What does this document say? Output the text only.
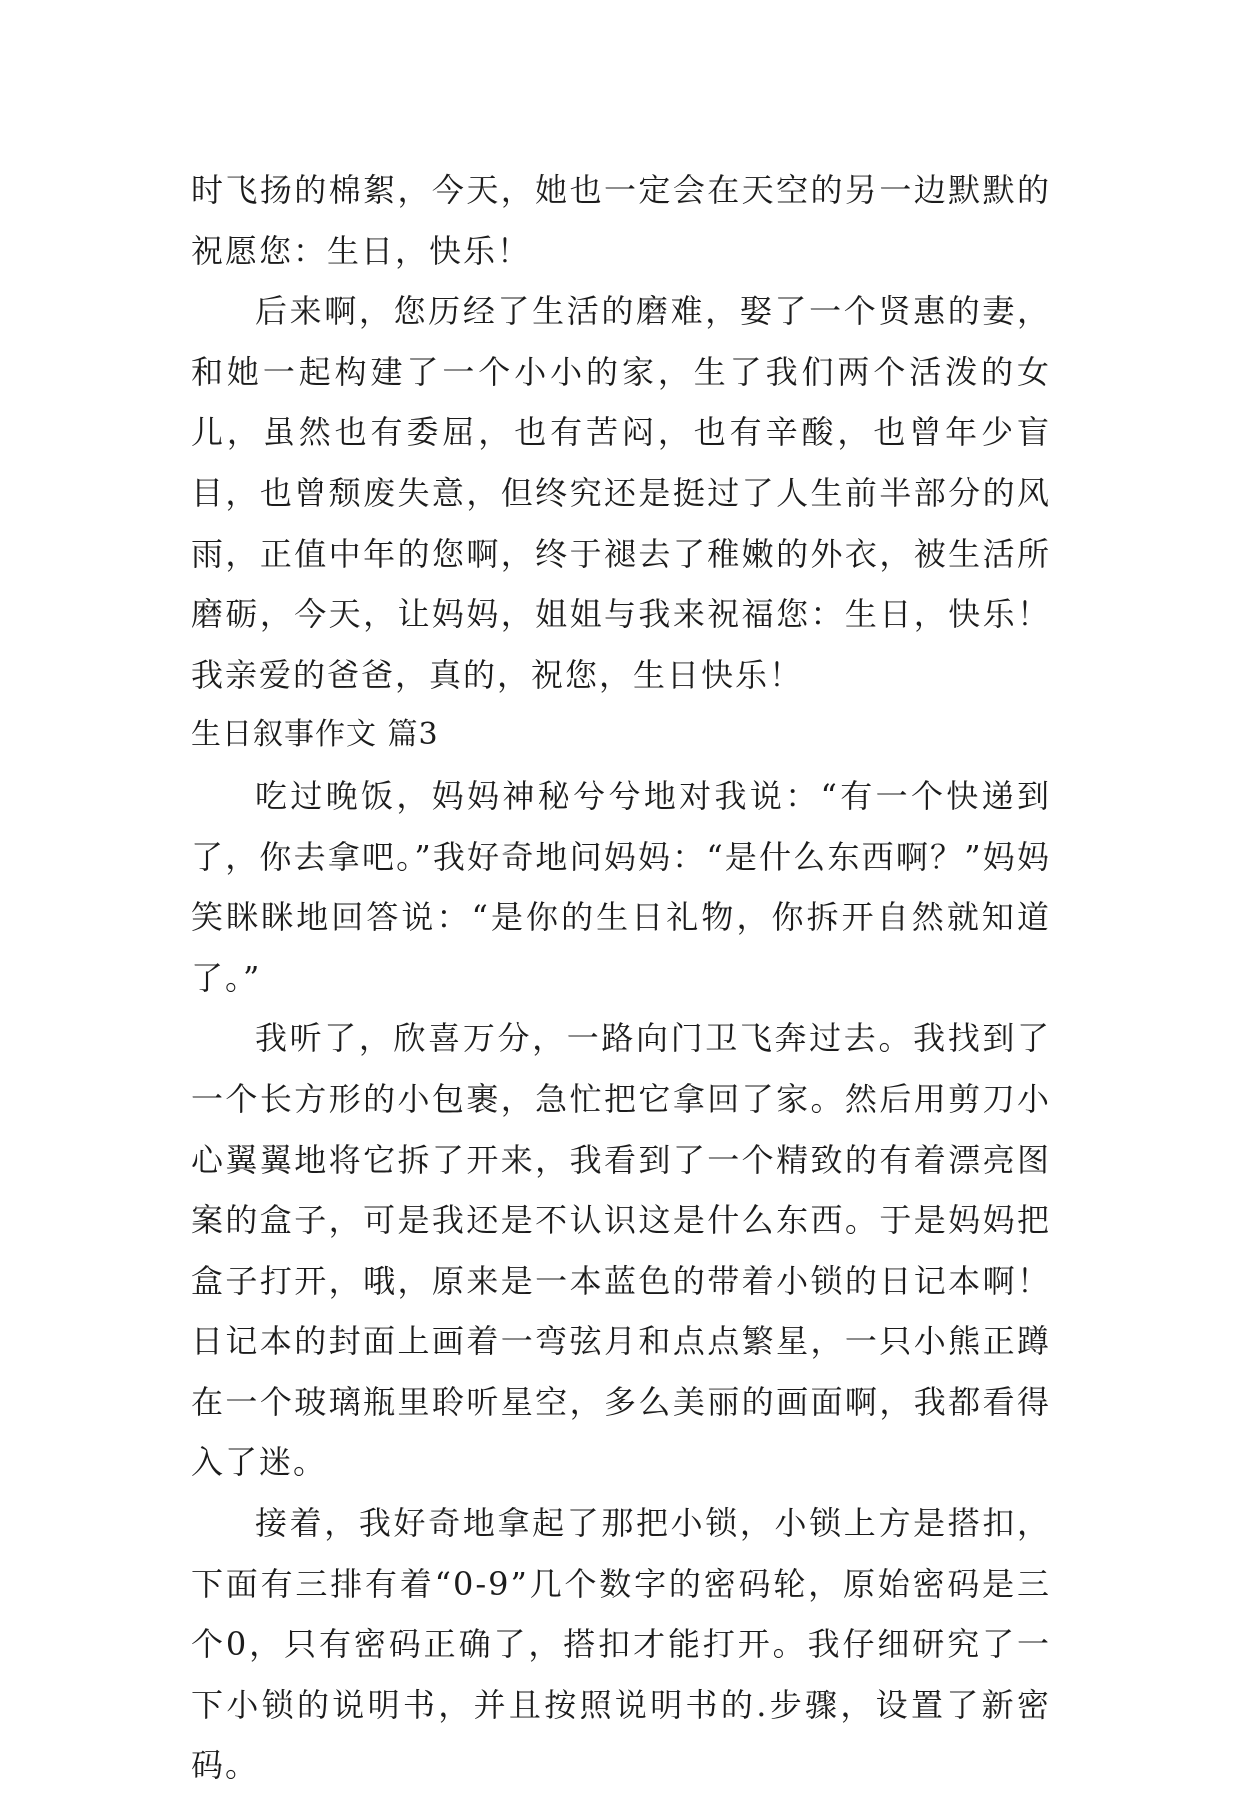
时飞扬的棉絮，今天，她也一定会在天空的另一边默默的祝愿您：生日，快乐！

后来啊，您历经了生活的磨难，娶了一个贤惠的妻，和她一起构建了一个小小的家，生了我们两个活泼的女儿，虽然也有委屈，也有苦闷，也有辛酸，也曾年少盲目，也曾颓废失意，但终究还是挺过了人生前半部分的风雨，正值中年的您啊，终于褪去了稚嫩的外衣，被生活所磨砺，今天，让妈妈，姐姐与我来祝福您：生日，快乐！我亲爱的爸爸，真的，祝您，生日快乐！

生日叙事作文 篇3

吃过晚饭，妈妈神秘兮兮地对我说：“有一个快递到了，你去拿吧。”我好奇地问妈妈：“是什么东西啊？”妈妈笑眯眯地回答说：“是你的生日礼物，你拆开自然就知道了。”

我听了，欣喜万分，一路向门卫飞奔过去。我找到了一个长方形的小包裹，急忙把它拿回了家。然后用剪刀小心翼翼地将它拆了开来，我看到了一个精致的有着漂亮图案的盒子，可是我还是不认识这是什么东西。于是妈妈把盒子打开，哦，原来是一本蓝色的带着小锁的日记本啊！日记本的封面上画着一弯弦月和点点繁星，一只小熊正蹲在一个玻璃瓶里聆听星空，多么美丽的画面啊，我都看得入了迷。

接着，我好奇地拿起了那把小锁，小锁上方是搭扣，下面有三排有着“0-9”几个数字的密码轮，原始密码是三个0，只有密码正确了，搭扣才能打开。我仔细研究了一下小锁的说明书，并且按照说明书的.步骤，设置了新密码。
